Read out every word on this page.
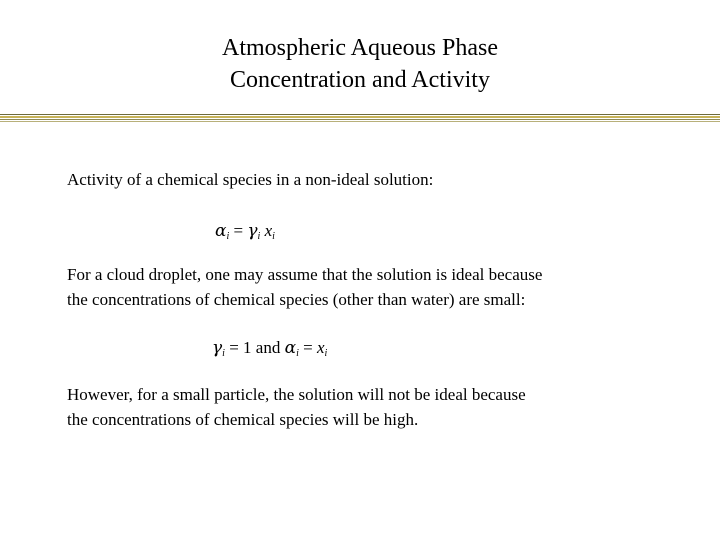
Atmospheric Aqueous Phase
Concentration and Activity
Activity of a chemical species in a non-ideal solution:
$\alpha_i = \gamma_i$ $x_i$
For a cloud droplet, one may assume that the solution is ideal because
the concentrations of chemical species (other than water) are small:
$\gamma_i = 1$ and $\alpha_i = x_i$
However, for a small particle, the solution will not be ideal because
the concentrations of chemical species will be high.
